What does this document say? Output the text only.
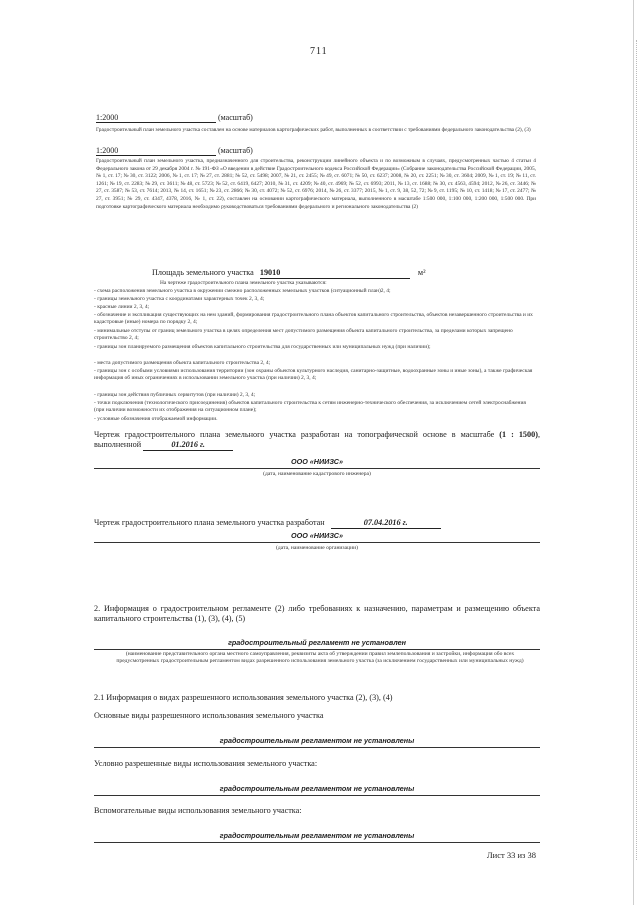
711
1:2000	(масштаб)
Градостроительный план земельного участка составлен на основе материалов картографических работ, выполненных в соответствии с требованиями федерального законодательства (2), (3)
1:2000	(масштаб)
Градостроительный план земельного участка, предназначенного для строительства, реконструкции линейного объекта и по возможным в случаях, предусмотренных частью 4 статьи 4 Федерального закона от 29 декабря 2004 г. № 191-ФЗ «О введении в действие Градостроительного кодекса Российской Федерации» (Собрание законодательства Российской Федерации, 2005, № 1, ст. 17; № 30, ст. 3122; 2006, № 1, ст. 17; № 27, ст. 2881; № 52, ст. 5498; 2007, № 21, ст. 2455; № 49, ст. 6071; № 50, ст. 6237; 2008, № 20, ст. 2251; № 30, ст. 3604; 2009, № 1, ст. 19; № 11, ст. 1261; № 19, ст. 2283; № 29, ст. 3611; № 48, ст. 5723; № 52, ст. 6419, 6427; 2010, № 31, ст. 4209; № 40, ст. 4969; № 52, ст. 6993; 2011, № 13, ст. 1688; № 30, ст. 4563, 4594; 2012, № 26, ст. 3446; № 27, ст. 3587; № 53, ст. 7614; 2013, № 14, ст. 1651; № 23, ст. 2866; № 30, ст. 4072; № 52, ст. 6976; 2014, № 26, ст. 3377; 2015, № 1, ст. 9, 38, 52, 72; № 9, ст. 1195; № 10, ст. 1418; № 17, ст. 2477; № 27, ст. 3951; № 29, ст. 4347, 4378, 2016, № 1, ст. 22), составлен на основании картографического материала, выполненного в масштабе 1:500 000, 1:100 000, 1:200 000, 1:500 000. При подготовке картографического материала необходимо руководствоваться требованиями федерального и регионального законодательства (2)
Площадь земельного участка 19010	м²
На чертеже градостроительного плана земельного участка указываются:
- схема расположения земельного участка в окружении смежно расположенных земельных участков (ситуационный план)2, 4;
- границы земельного участка с координатами характерных точек 2, 3, 4;
- красные линии 2, 3, 4;
- обозначение и экспликация существующих на нем зданий, формирования градостроительного плана объектов капитального строительства, объектов незавершенного строительства и их кадастровые (иные) номера по порядку 2, 4;
- минимальные отступы от границ земельного участка в целях определения мест допустимого размещения объекта капитального строительства, за пределами которых запрещено строительство 2, 4;
- границы зон планируемого размещения объектов капитального строительства для государственных или муниципальных нужд (при наличии);
- места допустимого размещения объекта капитального строительства 2, 4;
- границы зон с особыми условиями использования территории (зон охраны объектов культурного наследия, санитарно-защитные, водоохранные зоны и иные зоны), а также графическая информация об иных ограничениях в использовании земельного участка (при наличии) 2, 3, 4;
- границы зон действия публичных сервитутов (при наличии) 2, 3, 4;
- точки подключения (технологического присоединения) объектов капитального строительства к сетям инженерно-технического обеспечения, за исключением сетей электроснабжения (при наличии возможности их отображения на ситуационном плане);
- условные обозначения отображаемой информации.
Чертеж градостроительного плана земельного участка разработан на топографической основе в масштабе (1 : 1500), выполненной	01.2016 г.
ООО «НИИЗС»
(дата, наименование кадастрового инженера)
Чертеж градостроительного плана земельного участка разработан	07.04.2016 г.
ООО «НИИЗС»
(дата, наименование организации)
2. Информация о градостроительном регламенте (2) либо требованиях к назначению, параметрам и размещению объекта капитального строительства (1), (3), (4), (5)
градостроительный регламент не установлен
(наименование представительного органа местного самоуправления, реквизиты акта об утверждении правил землепользования и застройки, информация обо всех предусмотренных градостроительным регламентом видах разрешенного использования земельного участка (за исключением государственных или муниципальных нужд)
2.1 Информация о видах разрешенного использования земельного участка (2), (3), (4)
Основные виды разрешенного использования земельного участка
градостроительным регламентом не установлены
Условно разрешенные виды использования земельного участка:
градостроительным регламентом не установлены
Вспомогательные виды использования земельного участка:
градостроительным регламентом не установлены
Лист 33 из 38
